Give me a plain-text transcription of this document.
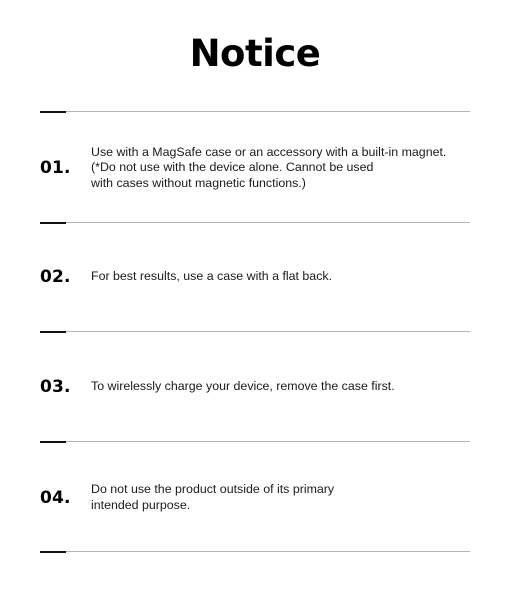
Notice
01.
Use with a MagSafe case or an accessory with a built-in magnet.
(*Do not use with the device alone. Cannot be used
with cases without magnetic functions.)
02.	For best results, use a case with a flat back.
03.	To wirelessly charge your device, remove the case first.
04.	Do not use the product outside of its primary
intended purpose.
